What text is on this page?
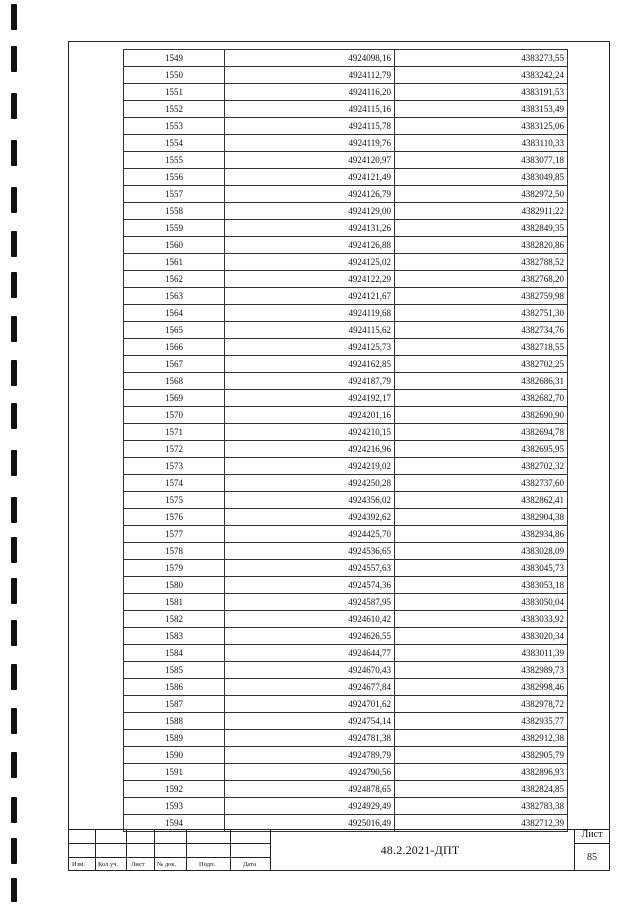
1549	4924098,16	4383273,55
1550	4924112,79	4383242,24
1551	4924116,20	4383191,53
1552	4924115,16	4383153,49
1553	4924115,78	4383125,06
1554	4924119,76	4383110,33
1555	4924120,97	4383077,18
1556	4924121,49	4383049,85
1557	4924126,79	4382972,50
1558	4924129,00	4382911,22
1559	4924131,26	4382849,35
1560	4924126,88	4382820,86
1561	4924125,02	4382788,52
1562	4924122,29	4382768,20
1563	4924121,67	4382759,98
1564	4924119,68	4382751,30
1565	4924115,62	4382734,76
1566	4924125,73	4382718,55
1567	4924162,85	4382702,25
1568	4924187,79	4382686,31
1569	4924192,17	4382682,70
1570	4924201,16	4382690,90
1571	4924210,15	4382694,78
1572	4924216,96	4382695,95
1573	4924219,02	4382702,32
1574	4924250,28	4382737,60
1575	4924356,02	4382862,41
1576	4924392,62	4382904,38
1577	4924425,70	4382934,86
1578	4924536,65	4383028,09
1579	4924557,63	4383045,73
1580	4924574,36	4383053,18
1581	4924587,95	4383050,04
1582	4924610,42	4383033,92
1583	4924626,55	4383020,34
1584	4924644,77	4383011,39
1585	4924670,43	4382989,73
1586	4924677,84	4382998,46
1587	4924701,62	4382978,72
1588	4924754,14	4382935,77
1589	4924781,38	4382912,38
1590	4924789,79	4382905,79
1591	4924790,56	4382896,93
1592	4924878,65	4382824,85
1593	4924929,49	4382783,38
1594	4925016,49	4382712,39
Изм. Кол.уч. Лист № док.	Подп.	Дата
48.2.2021-ДПТ
Лист
85
